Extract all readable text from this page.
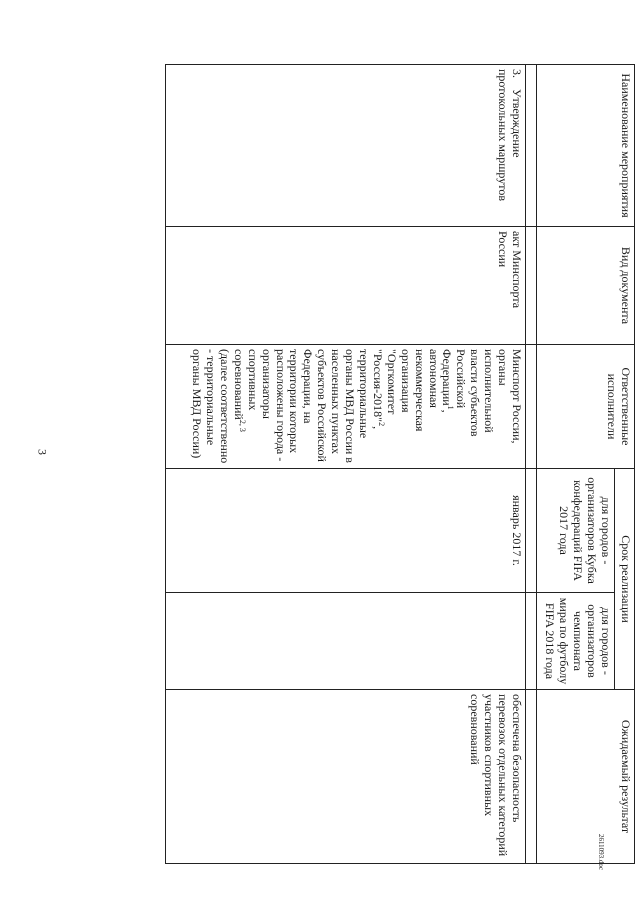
3
Наименование мероприятия	Вид документа	Ответственные исполнители	Срок реализации		Ожидаемый результат
			для городов - организаторов Кубка конфедераций FIFA 2017 года	для городов - организаторов чемпионата мира по футболу FIFA 2018 года	

3.Утверждение протокольных маршрутов	акт Минспорта России	Минспорт России, органы исполнительной власти субъектов Российской Федерации$^1$, автономная некоммерческая организация "Оргкомитет "Россия-2018"$^2$, территориальные органы МВД России в населенных пунктах субъектов Российской Федерации, на территории которых расположены города - организаторы спортивных соревнований$^{2, 3}$ (далее соответственно - территориальные органы МВД России)	январь 2017 г.		обеспечена безопасность перевозок отдельных категорий участников спортивных соревнований
2611093.doc
